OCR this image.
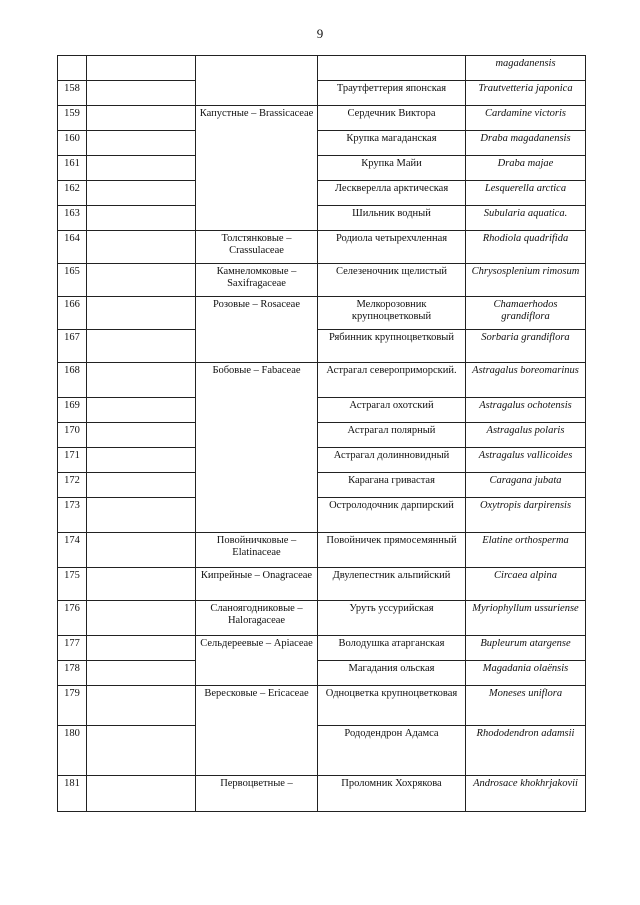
9
				magadanensis
158			Траутфеттерия японская	Trautvetteria japonica
159		Капустные – Brassicaceae	Сердечник Виктора	Cardamine victoris
160			Крупка магаданская	Draba magadanensis
161			Крупка Майи	Draba majae
162			Лесквереллa арктическая	Lesquerella arctica
163			Шильник водный	Subularia aquatica.
164		Толстянковые – Crassulaceae	Родиола четырехчленная	Rhodiola quadrifida
165		Камнеломковые – Saxifragaceae	Селезеночник щелистый	Chrysosplenium rimosum
166		Розовые – Rosaceae	Мелкорозовник крупноцветковый	Chamaerhodos grandiflora
167			Рябинник крупноцветковый	Sorbaria grandiflora
168		Бобовые – Fabaceae	Астрагал североприморский.	Astragalus boreomarinus
169			Астрагал охотский	Astragalus ochotensis
170			Астрагал полярный	Astragalus polaris
171			Астрагал долинновидный	Astragalus vallicoides
172			Карагана гривастая	Caragana jubata
173			Остролодочник дарпирский	Oxytropis darpirensis
174		Повойничковые – Elatinaceae	Повойничек прямосемянный	Elatine orthosperma
175		Кипрейные – Onagraceae	Двулепестник альпийский	Circaea alpina
176		Сланоягодниковые – Haloragaceae	Уруть уссурийская	Myriophyllum ussuriense
177		Сельдереевые – Apiaceae	Володушка атарганская	Bupleurum atargense
178			Магадания ольская	Magadania olaënsis
179		Вересковые – Ericaceae	Одноцветка крупноцветковая	Moneses uniflora
180			Рододендрон Адамса	Rhododendron adamsii
181		Первоцветные –	Проломник Хохрякова	Androsace khokhrjakovii
